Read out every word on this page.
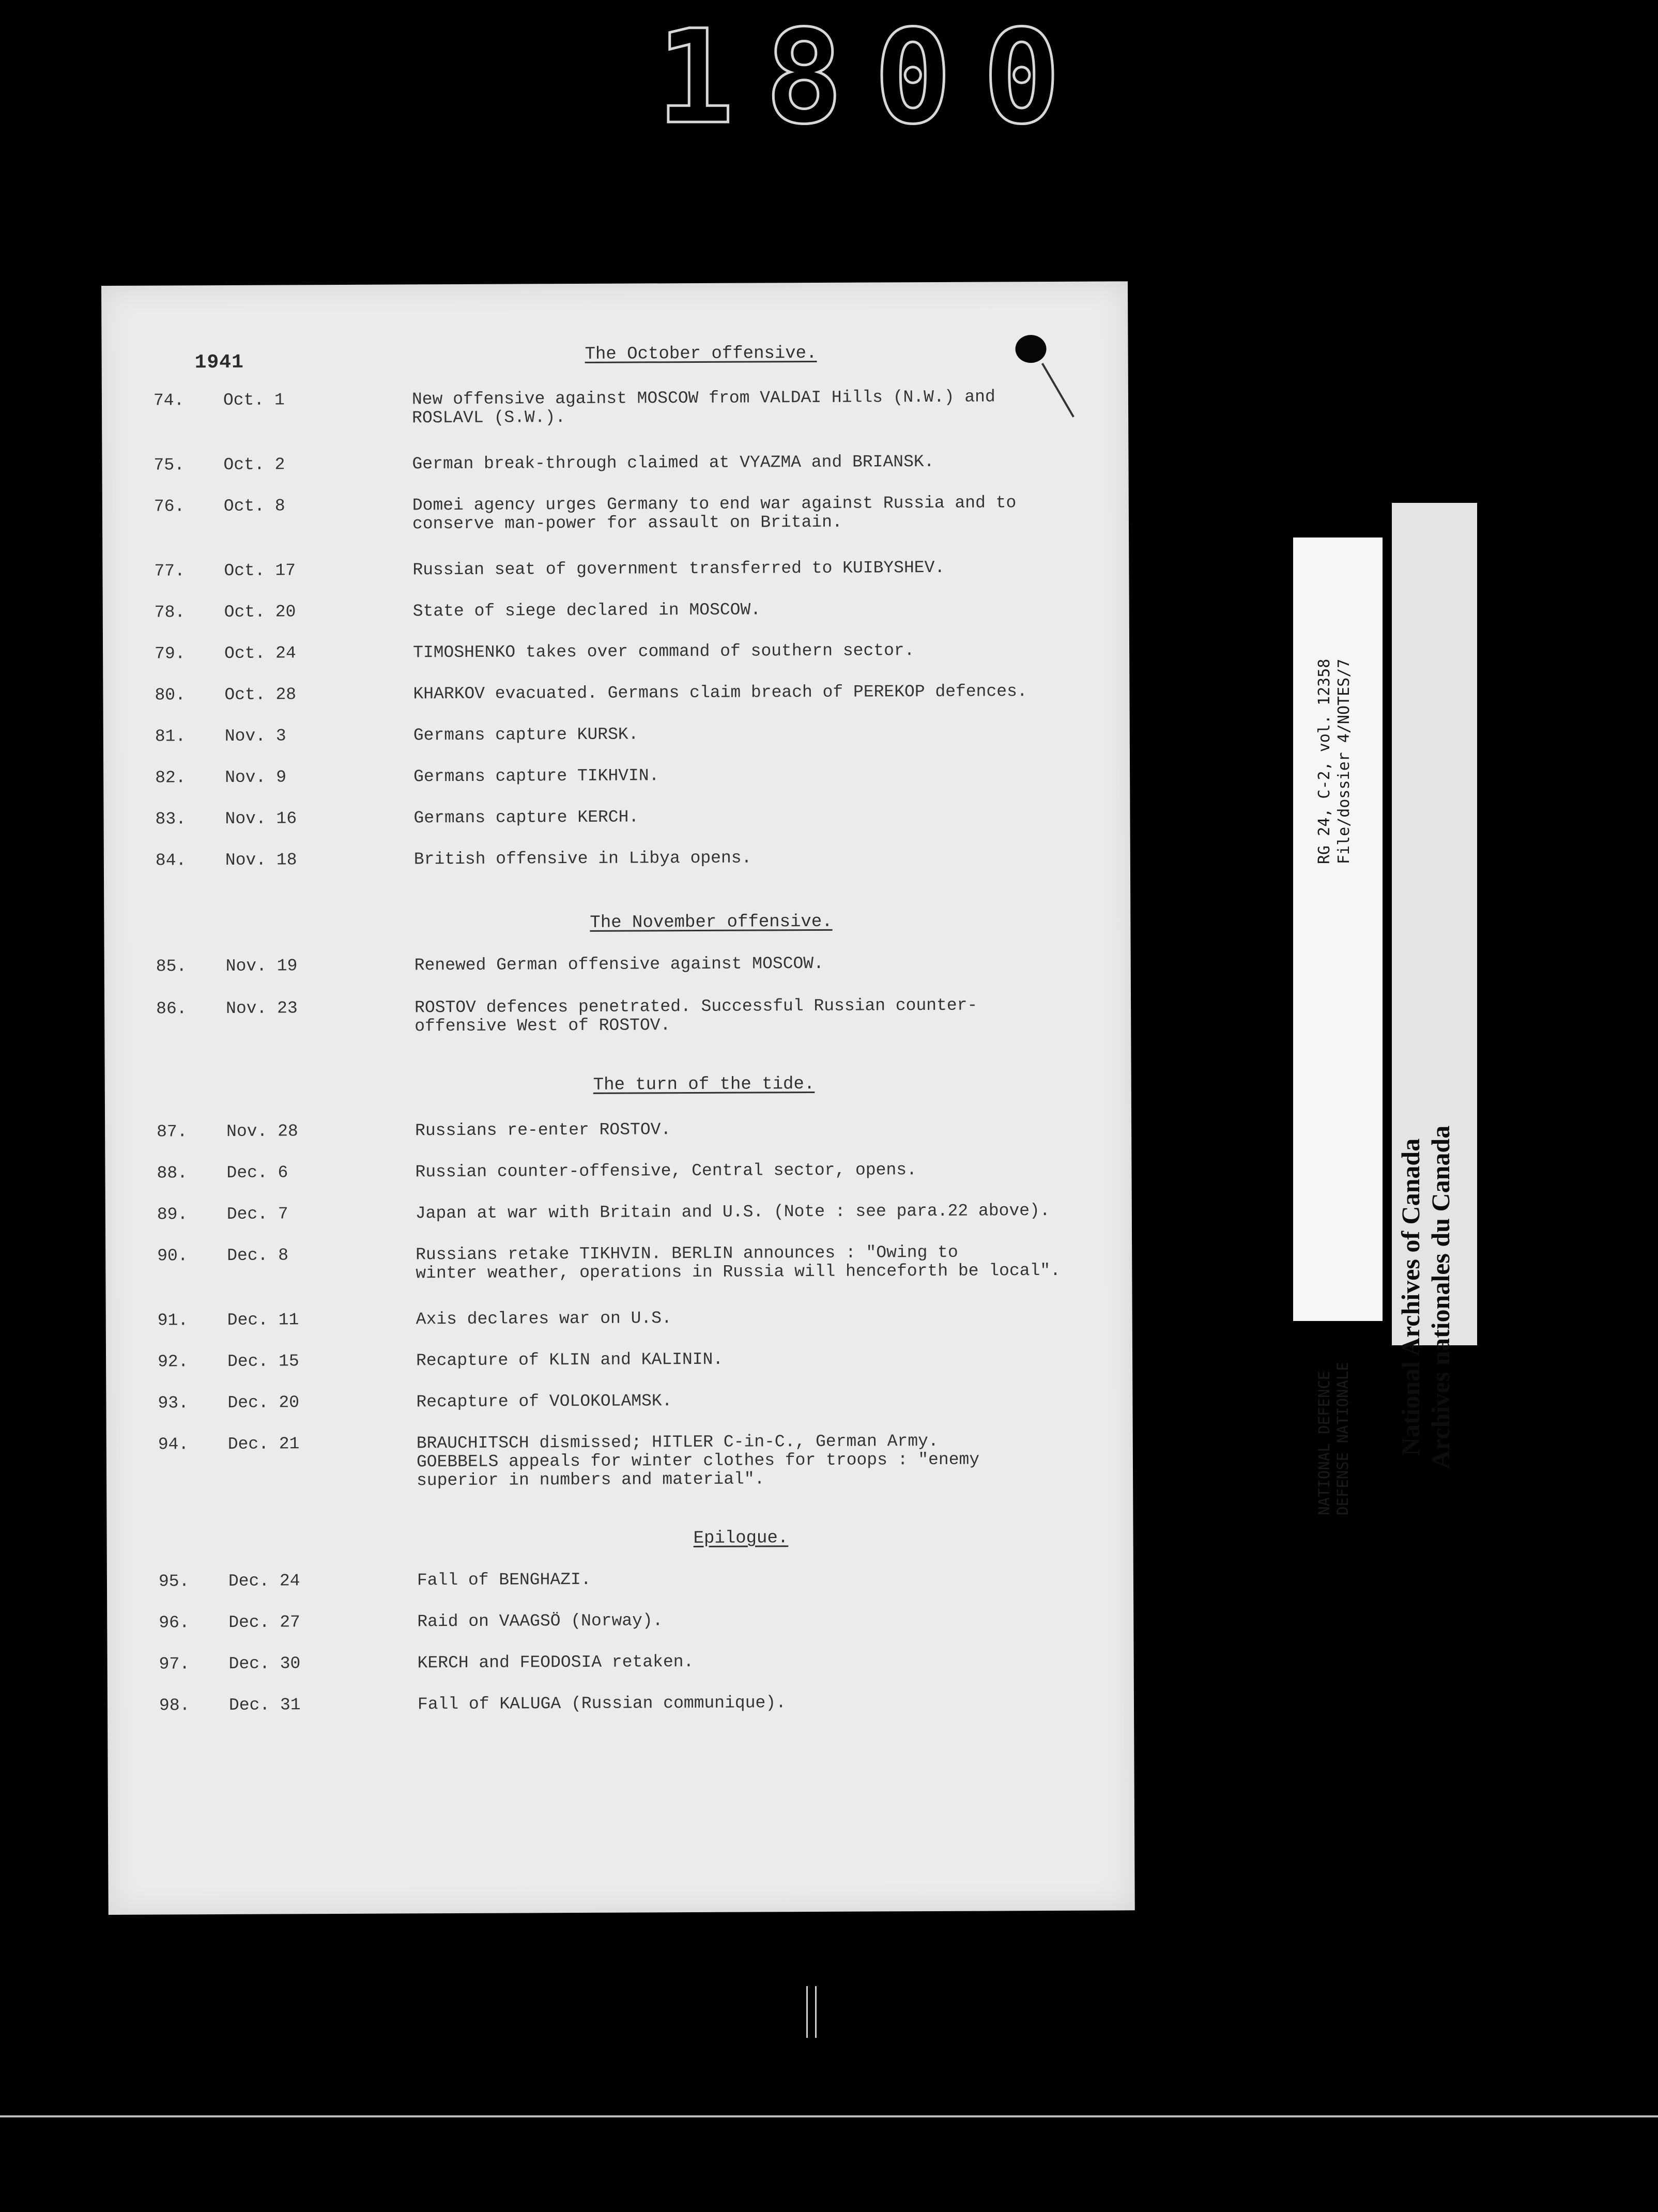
1800
1941	The October offensive.
74.	Oct. 1	New offensive against MOSCOW from VALDAI Hills (N.W.) and
ROSLAVL (S.W.).
75.	Oct. 2	German break-through claimed at VYAZMA and BRIANSK.
76.	Oct. 8	Domei agency urges Germany to end war against Russia and to
conserve man-power for assault on Britain.
77.	Oct. 17	Russian seat of government transferred to KUIBYSHEV.
78.	Oct. 20	State of siege declared in MOSCOW.
79.	Oct. 24	TIMOSHENKO takes over command of southern sector.
80.	Oct. 28	KHARKOV evacuated. Germans claim breach of PEREKOP defences.
81.	Nov. 3	Germans capture KURSK.
82.	Nov. 9	Germans capture TIKHVIN.
83.	Nov. 16	Germans capture KERCH.
84.	Nov. 18	British offensive in Libya opens.
The November offensive.
85.	Nov. 19	Renewed German offensive against MOSCOW.
86.	Nov. 23	ROSTOV defences penetrated. Successful Russian counter-
offensive West of ROSTOV.
The turn of the tide.
87.	Nov. 28	Russians re-enter ROSTOV.
88.	Dec. 6	Russian counter-offensive, Central sector, opens.
89.	Dec. 7	Japan at war with Britain and U.S. (Note : see para.22 above).
90.	Dec. 8	Russians retake TIKHVIN. BERLIN announces : "Owing to
winter weather, operations in Russia will henceforth be local".
91.	Dec. 11	Axis declares war on U.S.
92.	Dec. 15	Recapture of KLIN and KALININ.
93.	Dec. 20	Recapture of VOLOKOLAMSK.
94.	Dec. 21	BRAUCHITSCH dismissed; HITLER C-in-C., German Army.
GOEBBELS appeals for winter clothes for troops : "enemy
superior in numbers and material".
Epilogue.
95.	Dec. 24	Fall of BENGHAZI.
96.	Dec. 27	Raid on VAAGSÖ (Norway).
97.	Dec. 30	KERCH and FEODOSIA retaken.
98.	Dec. 31	Fall of KALUGA (Russian communique).
RG 24, C-2, vol. 12358 File/dossier 4/NOTES/7
NATIONAL DEFENCE DEFENSE NATIONALE National Archives of Canada Archives nationales du Canada
